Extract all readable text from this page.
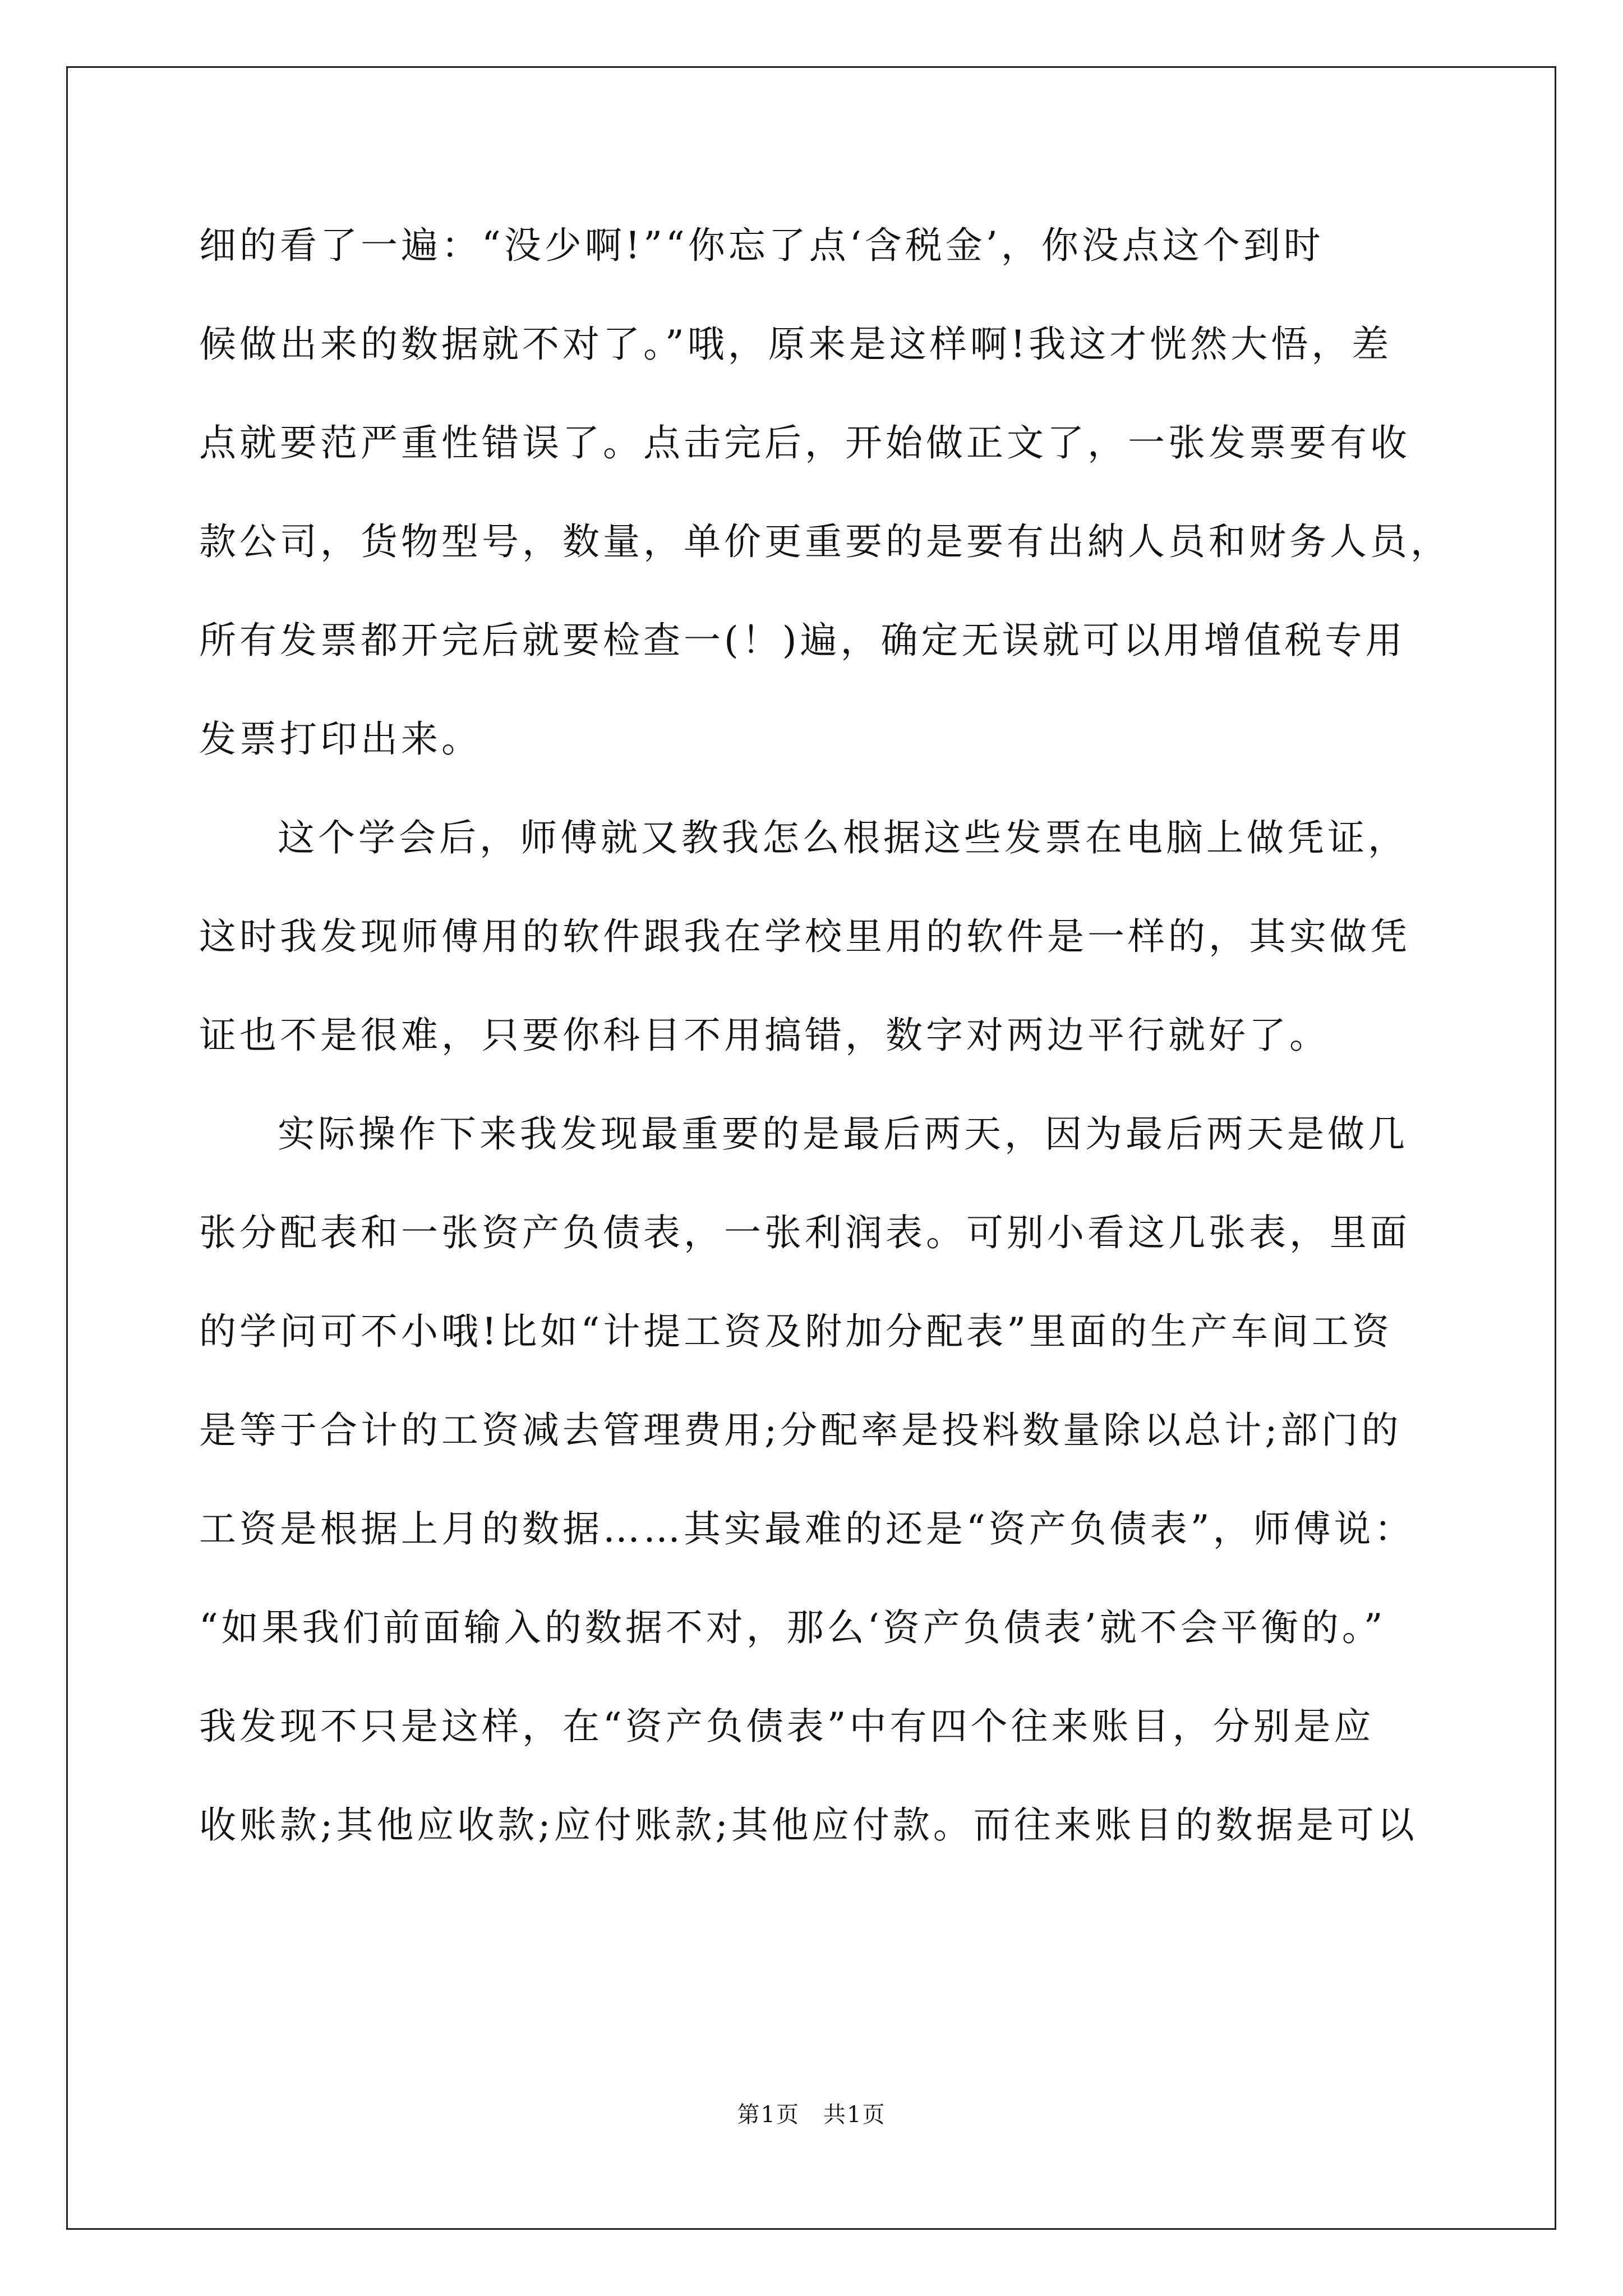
细的看了一遍：“没少啊!”“你忘了点‘含税金’，你没点这个到时
候做出来的数据就不对了。”哦，原来是这样啊!我这才恍然大悟，差
点就要范严重性错误了。点击完后，开始做正文了，一张发票要有收
款公司，货物型号，数量，单价更重要的是要有出納人员和财务人员，
所有发票都开完后就要检查一(！)遍，确定无误就可以用增值税专用
发票打印出来。
这个学会后，师傅就又教我怎么根据这些发票在电脑上做凭证，
这时我发现师傅用的软件跟我在学校里用的软件是一样的，其实做凭
证也不是很难，只要你科目不用搞错，数字对两边平行就好了。
实际操作下来我发现最重要的是最后两天，因为最后两天是做几
张分配表和一张资产负债表，一张利润表。可别小看这几张表，里面
的学问可不小哦!比如“计提工资及附加分配表”里面的生产车间工资
是等于合计的工资减去管理费用;分配率是投料数量除以总计;部门的
工资是根据上月的数据……其实最难的还是“资产负债表”，师傅说：
“如果我们前面输入的数据不对，那么‘资产负债表’就不会平衡的。”
我发现不只是这样，在“资产负债表”中有四个往来账目，分别是应
收账款;其他应收款;应付账款;其他应付款。而往来账目的数据是可以
第1页　共1页
